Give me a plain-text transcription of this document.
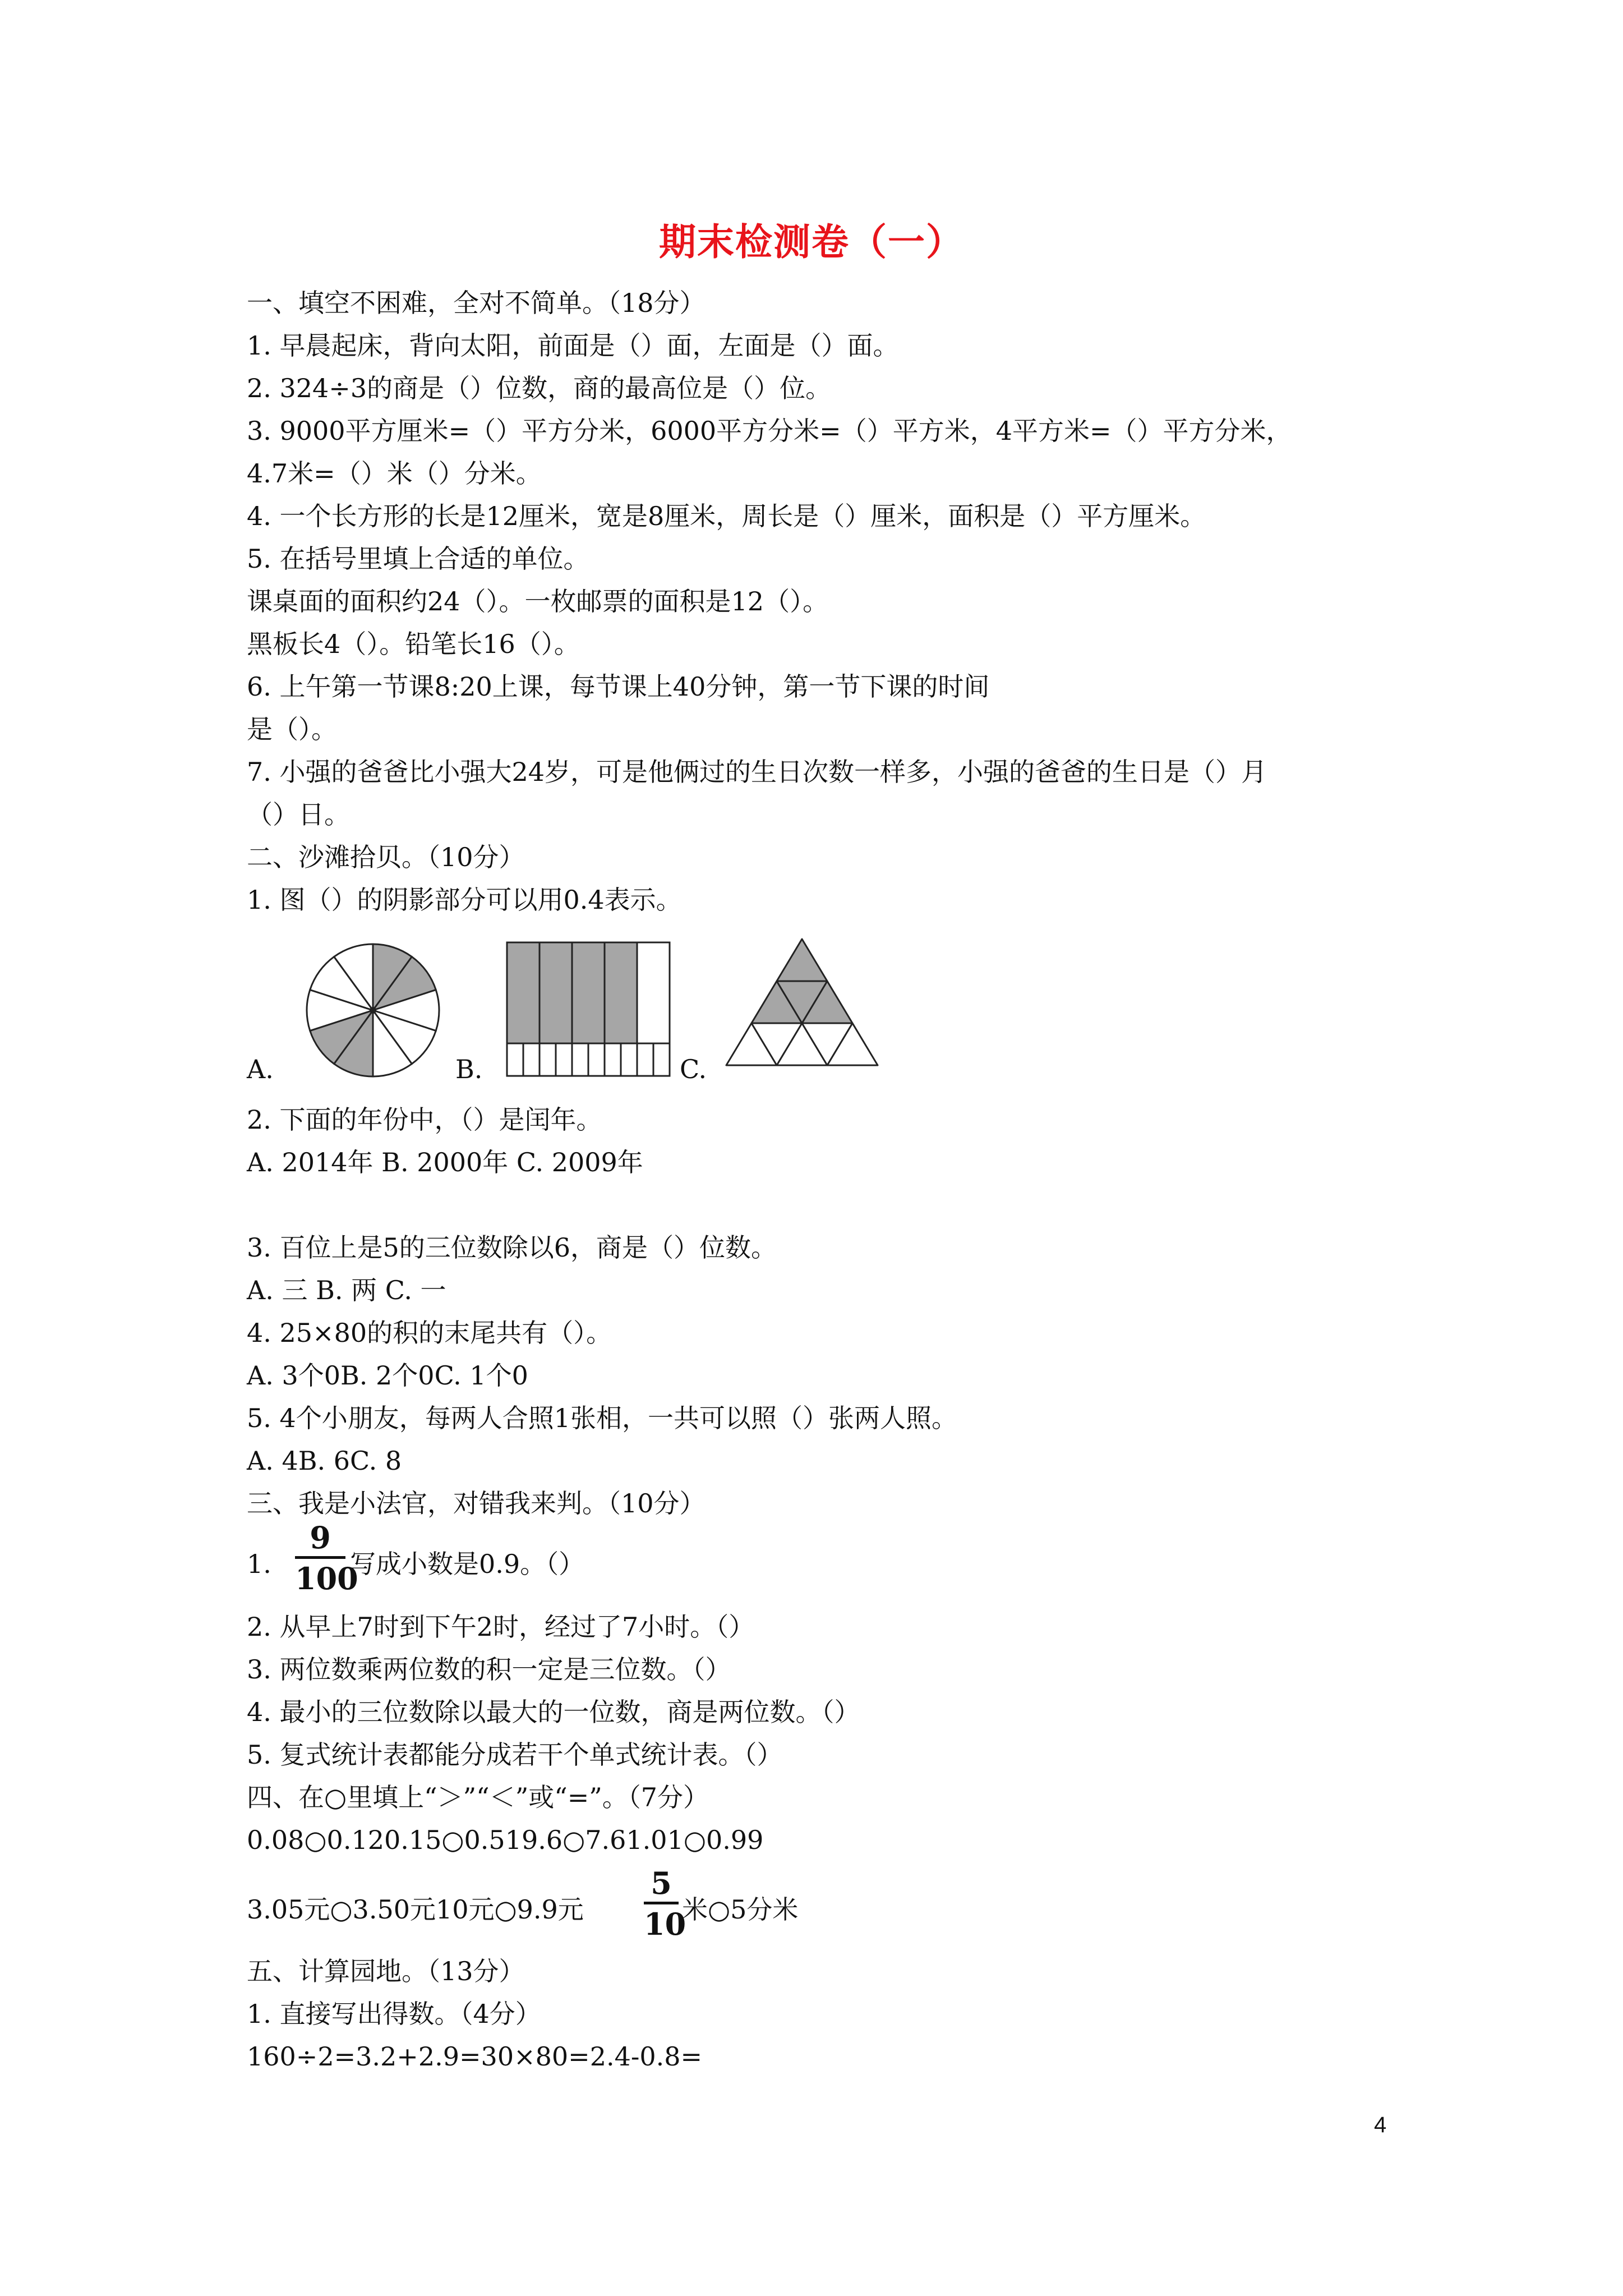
期末检测卷（一）
一、填空不困难，全对不简单。（18分）
1. 早晨起床，背向太阳，前面是（）面，左面是（）面。
2. 324÷3的商是（）位数，商的最高位是（）位。
3. 9000平方厘米=（）平方分米，6000平方分米=（）平方米，4平方米=（）平方分米，
4.7米=（）米（）分米。
4. 一个长方形的长是12厘米，宽是8厘米，周长是（）厘米，面积是（）平方厘米。
5. 在括号里填上合适的单位。
课桌面的面积约24（）。一枚邮票的面积是12（）。
黑板长4（）。铅笔长16（）。
6. 上午第一节课8:20上课，每节课上40分钟，第一节下课的时间
是（）。
7. 小强的爸爸比小强大24岁，可是他俩过的生日次数一样多，小强的爸爸的生日是（）月
（）日。
二、沙滩拾贝。（10分）
1. 图（）的阴影部分可以用0.4表示。
A.	B.	C.
2. 下面的年份中，（）是闰年。
A. 2014年 B. 2000年 C. 2009年
3. 百位上是5的三位数除以6，商是（）位数。
A. 三 B. 两 C. 一
4. 25×80的积的末尾共有（）。
A. 3个0B. 2个0C. 1个0
5. 4个小朋友，每两人合照1张相，一共可以照（）张两人照。
A. 4B. 6C. 8
三、我是小法官，对错我来判。（10分）
1.
9
100
写成小数是0.9。（）
2. 从早上7时到下午2时，经过了7小时。（）
3. 两位数乘两位数的积一定是三位数。（）
4. 最小的三位数除以最大的一位数，商是两位数。（）
5. 复式统计表都能分成若干个单式统计表。（）
四、在○里填上“＞”“＜”或“=”。（7分）
0.08○0.120.15○0.519.6○7.61.01○0.99
3.05元○3.50元10元○9.9元
5
10
米○5分米
五、计算园地。（13分）
1. 直接写出得数。（4分）
160÷2=3.2+2.9=30×80=2.4-0.8=
4
